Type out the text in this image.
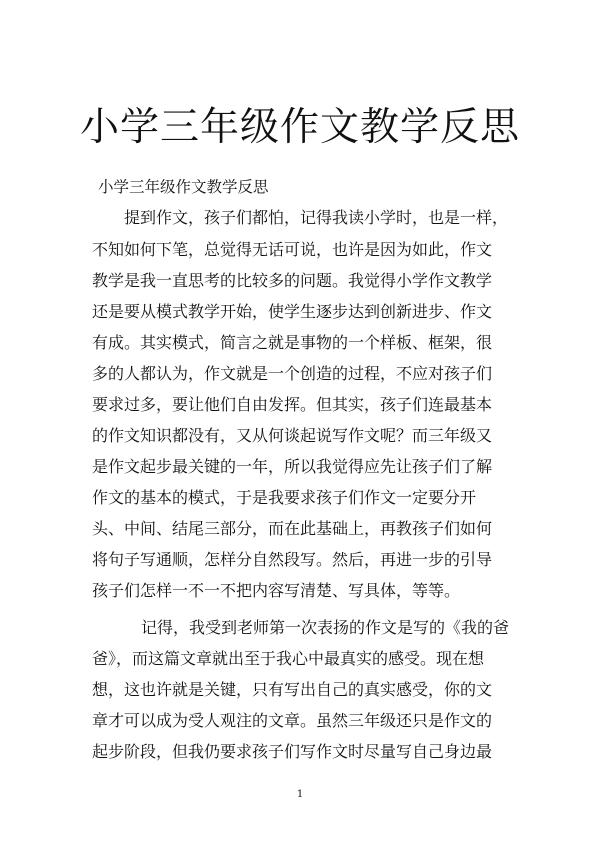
小学三年级作文教学反思

小学三年级作文教学反思

提到作文，孩子们都怕，记得我读小学时，也是一样，

不知如何下笔，总觉得无话可说，也许是因为如此，作文

教学是我一直思考的比较多的问题。我觉得小学作文教学

还是要从模式教学开始，使学生逐步达到创新进步、作文

有成。其实模式，简言之就是事物的一个样板、框架，很

多的人都认为，作文就是一个创造的过程，不应对孩子们

要求过多，要让他们自由发挥。但其实，孩子们连最基本

的作文知识都没有，又从何谈起说写作文呢？而三年级又

是作文起步最关键的一年，所以我觉得应先让孩子们了解

作文的基本的模式，于是我要求孩子们作文一定要分开

头、中间、结尾三部分，而在此基础上，再教孩子们如何

将句子写通顺，怎样分自然段写。然后，再进一步的引导

孩子们怎样一不一不把内容写清楚、写具体，等等。

记得，我受到老师第一次表扬的作文是写的《我的爸

爸》，而这篇文章就出至于我心中最真实的感受。现在想

想，这也许就是关键，只有写出自己的真实感受，你的文

章才可以成为受人观注的文章。虽然三年级还只是作文的

起步阶段，但我仍要求孩子们写作文时尽量写自己身边最

1
